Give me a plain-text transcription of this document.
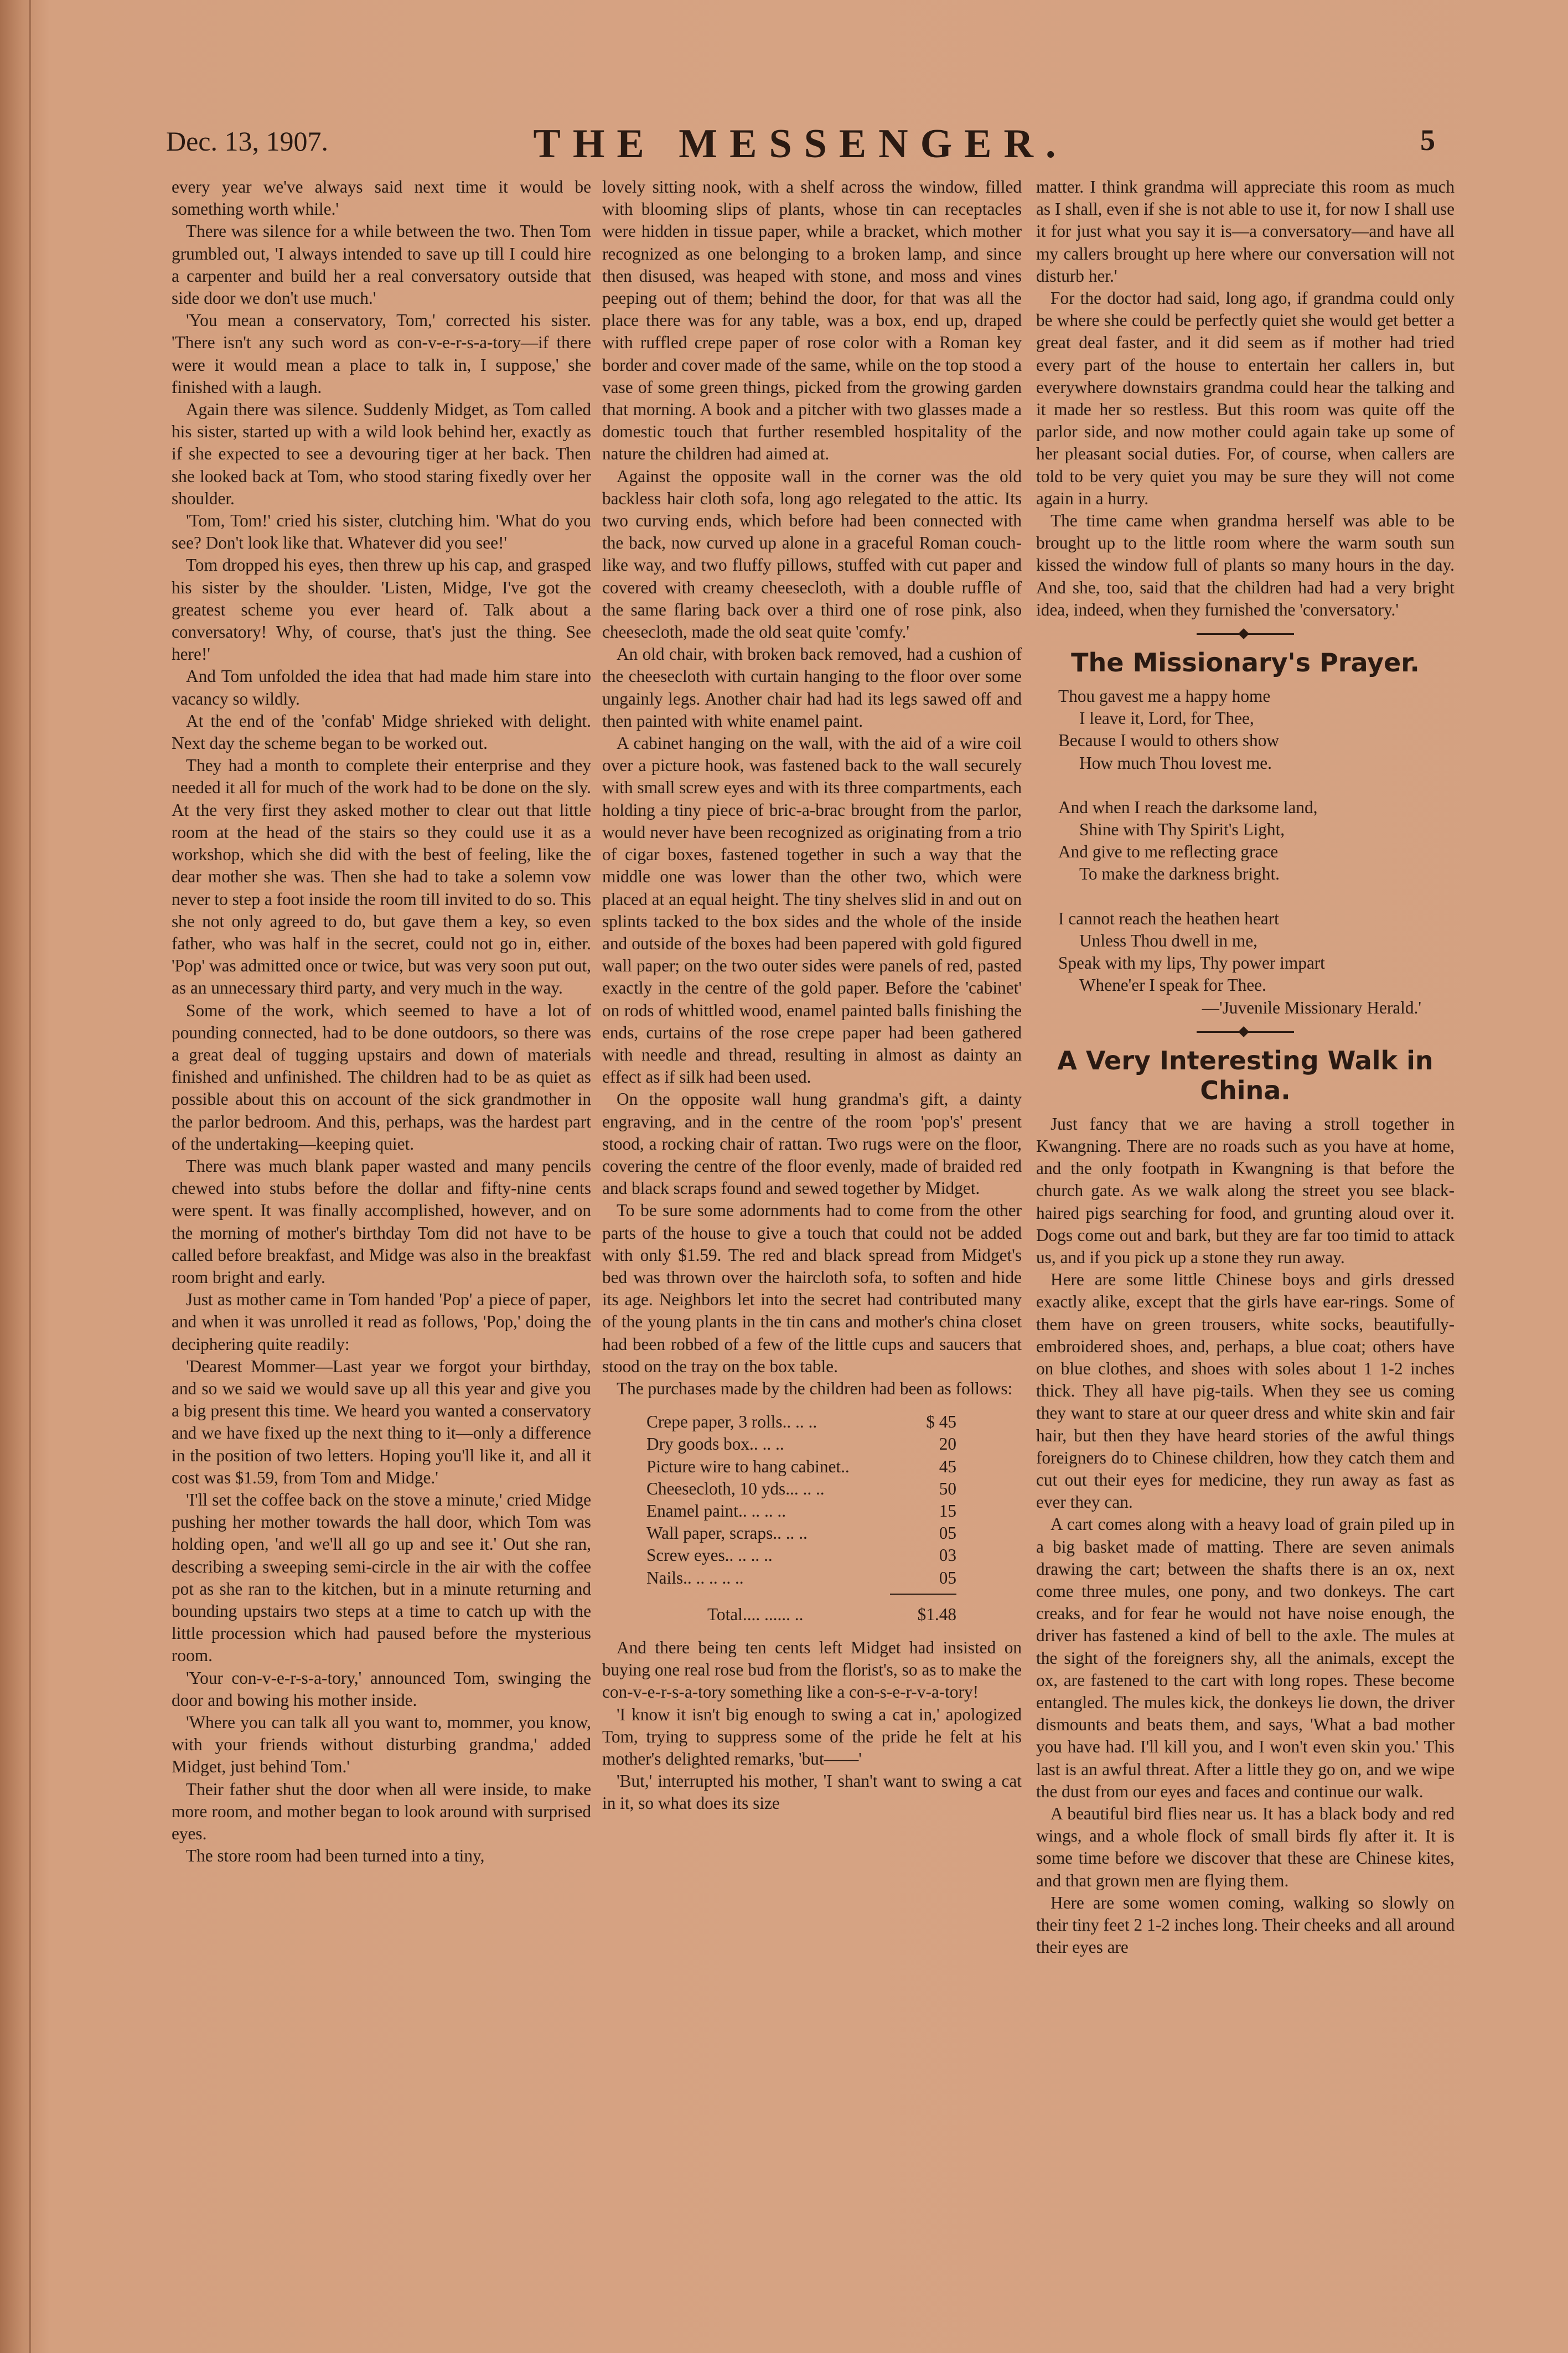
Dec. 13, 1907.	THE MESSENGER.	5

every year we've always said next time it would be something worth while.'

There was silence for a while between the two. Then Tom grumbled out, 'I always intended to save up till I could hire a carpenter and build her a real conversatory outside that side door we don't use much.'

'You mean a conservatory, Tom,' corrected his sister. 'There isn't any such word as con-v-e-r-s-a-tory—if there were it would mean a place to talk in, I suppose,' she finished with a laugh.

Again there was silence. Suddenly Midget, as Tom called his sister, started up with a wild look behind her, exactly as if she expected to see a devouring tiger at her back. Then she looked back at Tom, who stood staring fixedly over her shoulder.

'Tom, Tom!' cried his sister, clutching him. 'What do you see? Don't look like that. Whatever did you see!'

Tom dropped his eyes, then threw up his cap, and grasped his sister by the shoulder. 'Listen, Midge, I've got the greatest scheme you ever heard of. Talk about a conversatory! Why, of course, that's just the thing. See here!'

And Tom unfolded the idea that had made him stare into vacancy so wildly.

At the end of the 'confab' Midge shrieked with delight. Next day the scheme began to be worked out.

They had a month to complete their enterprise and they needed it all for much of the work had to be done on the sly. At the very first they asked mother to clear out that little room at the head of the stairs so they could use it as a workshop, which she did with the best of feeling, like the dear mother she was. Then she had to take a solemn vow never to step a foot inside the room till invited to do so. This she not only agreed to do, but gave them a key, so even father, who was half in the secret, could not go in, either. 'Pop' was admitted once or twice, but was very soon put out, as an unnecessary third party, and very much in the way.

Some of the work, which seemed to have a lot of pounding connected, had to be done outdoors, so there was a great deal of tugging upstairs and down of materials finished and unfinished. The children had to be as quiet as possible about this on account of the sick grandmother in the parlor bedroom. And this, perhaps, was the hardest part of the undertaking—keeping quiet.

There was much blank paper wasted and many pencils chewed into stubs before the dollar and fifty-nine cents were spent. It was finally accomplished, however, and on the morning of mother's birthday Tom did not have to be called before breakfast, and Midge was also in the breakfast room bright and early.

Just as mother came in Tom handed 'Pop' a piece of paper, and when it was unrolled it read as follows, 'Pop,' doing the deciphering quite readily:

'Dearest Mommer—Last year we forgot your birthday, and so we said we would save up all this year and give you a big present this time. We heard you wanted a conservatory and we have fixed up the next thing to it—only a difference in the position of two letters. Hoping you'll like it, and all it cost was $1.59, from Tom and Midge.'

'I'll set the coffee back on the stove a minute,' cried Midge pushing her mother towards the hall door, which Tom was holding open, 'and we'll all go up and see it.' Out she ran, describing a sweeping semi-circle in the air with the coffee pot as she ran to the kitchen, but in a minute returning and bounding upstairs two steps at a time to catch up with the little procession which had paused before the mysterious room.

'Your con-v-e-r-s-a-tory,' announced Tom, swinging the door and bowing his mother inside.

'Where you can talk all you want to, mommer, you know, with your friends without disturbing grandma,' added Midget, just behind Tom.'

Their father shut the door when all were inside, to make more room, and mother began to look around with surprised eyes.

The store room had been turned into a tiny,

lovely sitting nook, with a shelf across the window, filled with blooming slips of plants, whose tin can receptacles were hidden in tissue paper, while a bracket, which mother recognized as one belonging to a broken lamp, and since then disused, was heaped with stone, and moss and vines peeping out of them; behind the door, for that was all the place there was for any table, was a box, end up, draped with ruffled crepe paper of rose color with a Roman key border and cover made of the same, while on the top stood a vase of some green things, picked from the growing garden that morning. A book and a pitcher with two glasses made a domestic touch that further resembled hospitality of the nature the children had aimed at.

Against the opposite wall in the corner was the old backless hair cloth sofa, long ago relegated to the attic. Its two curving ends, which before had been connected with the back, now curved up alone in a graceful Roman couch-like way, and two fluffy pillows, stuffed with cut paper and covered with creamy cheesecloth, with a double ruffle of the same flaring back over a third one of rose pink, also cheesecloth, made the old seat quite 'comfy.'

An old chair, with broken back removed, had a cushion of the cheesecloth with curtain hanging to the floor over some ungainly legs. Another chair had had its legs sawed off and then painted with white enamel paint.

A cabinet hanging on the wall, with the aid of a wire coil over a picture hook, was fastened back to the wall securely with small screw eyes and with its three compartments, each holding a tiny piece of bric-a-brac brought from the parlor, would never have been recognized as originating from a trio of cigar boxes, fastened together in such a way that the middle one was lower than the other two, which were placed at an equal height. The tiny shelves slid in and out on splints tacked to the box sides and the whole of the inside and outside of the boxes had been papered with gold figured wall paper; on the two outer sides were panels of red, pasted exactly in the centre of the gold paper. Before the 'cabinet' on rods of whittled wood, enamel painted balls finishing the ends, curtains of the rose crepe paper had been gathered with needle and thread, resulting in almost as dainty an effect as if silk had been used.

On the opposite wall hung grandma's gift, a dainty engraving, and in the centre of the room 'pop's' present stood, a rocking chair of rattan. Two rugs were on the floor, covering the centre of the floor evenly, made of braided red and black scraps found and sewed together by Midget.

To be sure some adornments had to come from the other parts of the house to give a touch that could not be added with only $1.59. The red and black spread from Midget's bed was thrown over the haircloth sofa, to soften and hide its age. Neighbors let into the secret had contributed many of the young plants in the tin cans and mother's china closet had been robbed of a few of the little cups and saucers that stood on the tray on the box table.

The purchases made by the children had been as follows:

Crepe paper, 3 rolls .. .. ..	$ 45
Dry goods box .. .. ..	20
Picture wire to hang cabinet ..	45
Cheesecloth, 10 yds. .. .. ..	50
Enamel paint .. .. .. ..	15
Wall paper, scraps .. .. ..	05
Screw eyes .. .. .. ..	03
Nails .. .. .. .. ..	05
Total .... ...... ..	$1.48

And there being ten cents left Midget had insisted on buying one real rose bud from the florist's, so as to make the con-v-e-r-s-a-tory something like a con-s-e-r-v-a-tory!

'I know it isn't big enough to swing a cat in,' apologized Tom, trying to suppress some of the pride he felt at his mother's delighted remarks, 'but——'

'But,' interrupted his mother, 'I shan't want to swing a cat in it, so what does its size

matter. I think grandma will appreciate this room as much as I shall, even if she is not able to use it, for now I shall use it for just what you say it is—a conversatory—and have all my callers brought up here where our conversation will not disturb her.'

For the doctor had said, long ago, if grandma could only be where she could be perfectly quiet she would get better a great deal faster, and it did seem as if mother had tried every part of the house to entertain her callers in, but everywhere downstairs grandma could hear the talking and it made her so restless. But this room was quite off the parlor side, and now mother could again take up some of her pleasant social duties. For, of course, when callers are told to be very quiet you may be sure they will not come again in a hurry.

The time came when grandma herself was able to be brought up to the little room where the warm south sun kissed the window full of plants so many hours in the day. And she, too, said that the children had had a very bright idea, indeed, when they furnished the 'conversatory.'

The Missionary's Prayer.
Thou gavest me a happy home
I leave it, Lord, for Thee,
Because I would to others show
How much Thou lovest me.
And when I reach the darksome land,
Shine with Thy Spirit's Light,
And give to me reflecting grace
To make the darkness bright.
I cannot reach the heathen heart
Unless Thou dwell in me,
Speak with my lips, Thy power impart
Whene'er I speak for Thee.
—'Juvenile Missionary Herald.'
A Very Interesting Walk in China.

Just fancy that we are having a stroll together in Kwangning. There are no roads such as you have at home, and the only footpath in Kwangning is that before the church gate. As we walk along the street you see black-haired pigs searching for food, and grunting aloud over it. Dogs come out and bark, but they are far too timid to attack us, and if you pick up a stone they run away.

Here are some little Chinese boys and girls dressed exactly alike, except that the girls have ear-rings. Some of them have on green trousers, white socks, beautifully-embroidered shoes, and, perhaps, a blue coat; others have on blue clothes, and shoes with soles about 1 1-2 inches thick. They all have pig-tails. When they see us coming they want to stare at our queer dress and white skin and fair hair, but then they have heard stories of the awful things foreigners do to Chinese children, how they catch them and cut out their eyes for medicine, they run away as fast as ever they can.

A cart comes along with a heavy load of grain piled up in a big basket made of matting. There are seven animals drawing the cart; between the shafts there is an ox, next come three mules, one pony, and two donkeys. The cart creaks, and for fear he would not have noise enough, the driver has fastened a kind of bell to the axle. The mules at the sight of the foreigners shy, all the animals, except the ox, are fastened to the cart with long ropes. These become entangled. The mules kick, the donkeys lie down, the driver dismounts and beats them, and says, 'What a bad mother you have had. I'll kill you, and I won't even skin you.' This last is an awful threat. After a little they go on, and we wipe the dust from our eyes and faces and continue our walk.

A beautiful bird flies near us. It has a black body and red wings, and a whole flock of small birds fly after it. It is some time before we discover that these are Chinese kites, and that grown men are flying them.

Here are some women coming, walking so slowly on their tiny feet 2 1-2 inches long. Their cheeks and all around their eyes are
